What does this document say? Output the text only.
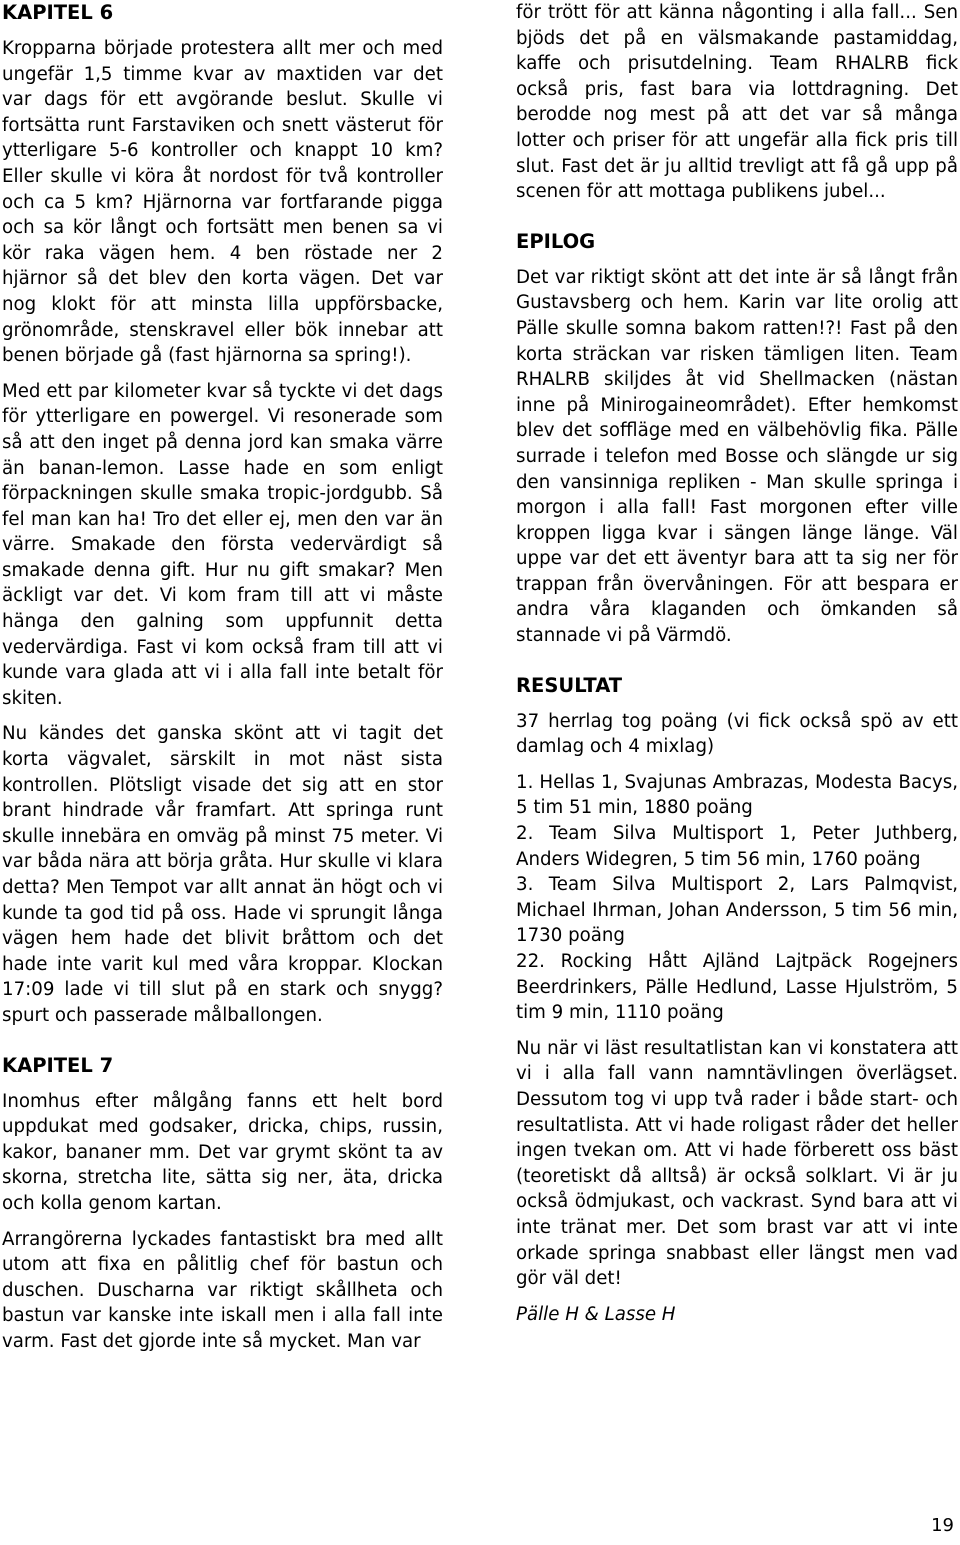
KAPITEL 6

Kropparna började protestera allt mer och med ungefär 1,5 timme kvar av maxtiden var det var dags för ett avgörande beslut. Skulle vi fortsätta runt Farstaviken och snett västerut för ytterligare 5-6 kontroller och knappt 10 km? Eller skulle vi köra åt nordost för två kontroller och ca 5 km? Hjärnorna var fortfarande pigga och sa kör långt och fortsätt men benen sa vi kör raka vägen hem. 4 ben röstade ner 2 hjärnor så det blev den korta vägen. Det var nog klokt för att minsta lilla uppförsbacke, grönområde, stenskravel eller bök innebar att benen började gå (fast hjärnorna sa spring!).

Med ett par kilometer kvar så tyckte vi det dags för ytterligare en powergel. Vi resonerade som så att den inget på denna jord kan smaka värre än banan-lemon. Lasse hade en som enligt förpackningen skulle smaka tropic-jordgubb. Så fel man kan ha! Tro det eller ej, men den var än värre. Smakade den första vedervärdigt så smakade denna gift. Hur nu gift smakar? Men äckligt var det. Vi kom fram till att vi måste hänga den galning som uppfunnit detta vedervärdiga. Fast vi kom också fram till att vi kunde vara glada att vi i alla fall inte betalt för skiten.

Nu kändes det ganska skönt att vi tagit det korta vägvalet, särskilt in mot näst sista kontrollen. Plötsligt visade det sig att en stor brant hindrade vår framfart. Att springa runt skulle innebära en omväg på minst 75 meter. Vi var båda nära att börja gråta. Hur skulle vi klara detta? Men Tempot var allt annat än högt och vi kunde ta god tid på oss. Hade vi sprungit långa vägen hem hade det blivit bråttom och det hade inte varit kul med våra kroppar. Klockan 17:09 lade vi till slut på en stark och snygg? spurt och passerade målballongen.

KAPITEL 7

Inomhus efter målgång fanns ett helt bord uppdukat med godsaker, dricka, chips, russin, kakor, bananer mm. Det var grymt skönt ta av skorna, stretcha lite, sätta sig ner, äta, dricka och kolla genom kartan.

Arrangörerna lyckades fantastiskt bra med allt utom att fixa en pålitlig chef för bastun och duschen. Duscharna var riktigt skållheta och bastun var kanske inte iskall men i alla fall inte varm. Fast det gjorde inte så mycket. Man var

för trött för att känna någonting i alla fall... Sen bjöds det på en välsmakande pastamiddag, kaffe och prisutdelning. Team RHALRB fick också pris, fast bara via lottdragning. Det berodde nog mest på att det var så många lotter och priser för att ungefär alla fick pris till slut. Fast det är ju alltid trevligt att få gå upp på scenen för att mottaga publikens jubel...

EPILOG

Det var riktigt skönt att det inte är så långt från Gustavsberg och hem. Karin var lite orolig att Pälle skulle somna bakom ratten!?! Fast på den korta sträckan var risken tämligen liten. Team RHALRB skiljdes åt vid Shellmacken (nästan inne på Minirogaineområdet). Efter hemkomst blev det soffläge med en välbehövlig fika. Pälle surrade i telefon med Bosse och slängde ur sig den vansinniga repliken - Man skulle springa i morgon i alla fall! Fast morgonen efter ville kroppen ligga kvar i sängen länge länge. Väl uppe var det ett äventyr bara att ta sig ner för trappan från övervåningen. För att bespara er andra våra klaganden och ömkanden så stannade vi på Värmdö.

RESULTAT

37 herrlag tog poäng (vi fick också spö av ett damlag och 4 mixlag)

1. Hellas 1, Svajunas Ambrazas, Modesta Bacys, 5 tim 51 min, 1880 poäng

2. Team Silva Multisport 1, Peter Juthberg, Anders Widegren, 5 tim 56 min, 1760 poäng

3. Team Silva Multisport 2, Lars Palmqvist, Michael Ihrman, Johan Andersson, 5 tim 56 min, 1730 poäng

22. Rocking Hått Ajländ Lajtpäck Rogejners Beerdrinkers, Pälle Hedlund, Lasse Hjulström, 5 tim 9 min, 1110 poäng

Nu när vi läst resultatlistan kan vi konstatera att vi i alla fall vann namntävlingen överlägset. Dessutom tog vi upp två rader i både start- och resultatlista. Att vi hade roligast råder det heller ingen tvekan om. Att vi hade förberett oss bäst (teoretiskt då alltså) är också solklart. Vi är ju också ödmjukast, och vackrast. Synd bara att vi inte tränat mer. Det som brast var att vi inte orkade springa snabbast eller längst men vad gör väl det!

Pälle H & Lasse H

19
